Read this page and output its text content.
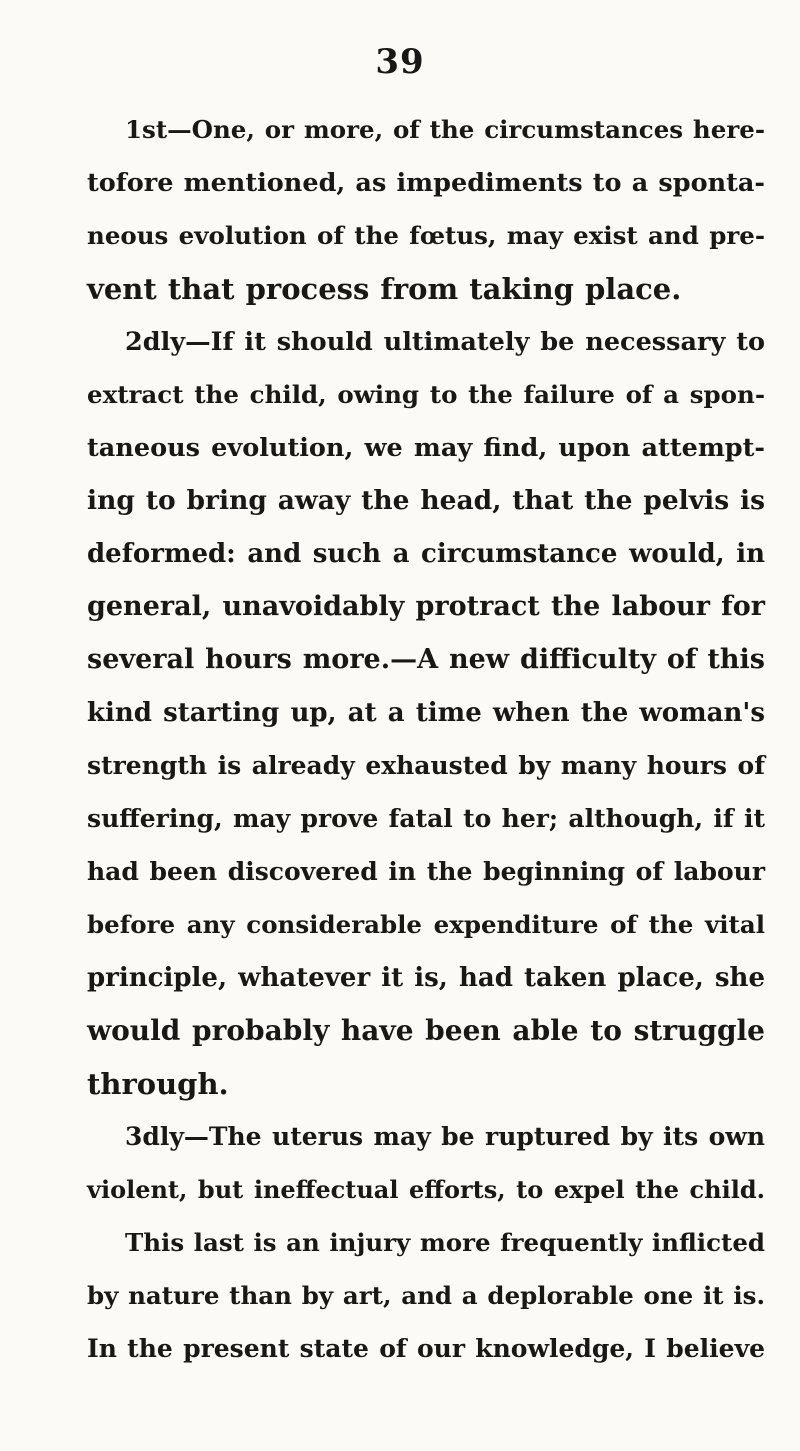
39
1st—One, or more, of the circumstances here-
tofore mentioned, as impediments to a sponta-
neous evolution of the fœtus, may exist and pre-
vent that process from taking place.
2dly—If it should ultimately be necessary to
extract the child, owing to the failure of a spon-
taneous evolution, we may find, upon attempt-
ing to bring away the head, that the pelvis is
deformed: and such a circumstance would, in
general, unavoidably protract the labour for
several hours more.—A new difficulty of this
kind starting up, at a time when the woman's
strength is already exhausted by many hours of
suffering, may prove fatal to her; although, if it
had been discovered in the beginning of labour
before any considerable expenditure of the vital
principle, whatever it is, had taken place, she
would probably have been able to struggle
through.
3dly—The uterus may be ruptured by its own
violent, but ineffectual efforts, to expel the child.
This last is an injury more frequently inflicted
by nature than by art, and a deplorable one it is.
In the present state of our knowledge, I believe
